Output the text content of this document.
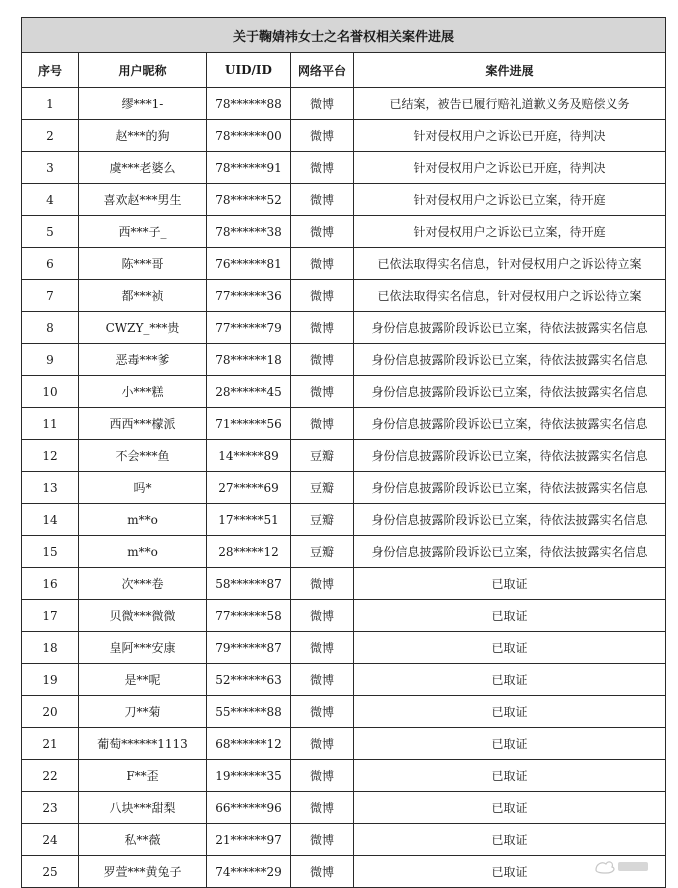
关于鞠婧祎女士之名誉权相关案件进展				
序号	用户昵称	UID/ID	网络平台	案件进展
1	缪***1-	78******88	微博	已结案，被告已履行赔礼道歉义务及赔偿义务
2	赵***的狗	78******00	微博	针对侵权用户之诉讼已开庭，待判决
3	虞***老婆么	78******91	微博	针对侵权用户之诉讼已开庭，待判决
4	喜欢赵***男生	78******52	微博	针对侵权用户之诉讼已立案，待开庭
5	西***子_	78******38	微博	针对侵权用户之诉讼已立案，待开庭
6	陈***哥	76******81	微博	已依法取得实名信息，针对侵权用户之诉讼待立案
7	都***祯	77******36	微博	已依法取得实名信息，针对侵权用户之诉讼待立案
8	CWZY_***贵	77******79	微博	身份信息披露阶段诉讼已立案，待依法披露实名信息
9	恶毒***爹	78******18	微博	身份信息披露阶段诉讼已立案，待依法披露实名信息
10	小***糕	28******45	微博	身份信息披露阶段诉讼已立案，待依法披露实名信息
11	西西***檬派	71******56	微博	身份信息披露阶段诉讼已立案，待依法披露实名信息
12	不会***鱼	14*****89	豆瓣	身份信息披露阶段诉讼已立案，待依法披露实名信息
13	吗*	27*****69	豆瓣	身份信息披露阶段诉讼已立案，待依法披露实名信息
14	m**o	17*****51	豆瓣	身份信息披露阶段诉讼已立案，待依法披露实名信息
15	m**o	28*****12	豆瓣	身份信息披露阶段诉讼已立案，待依法披露实名信息
16	次***卷	58******87	微博	已取证
17	贝微***微微	77******58	微博	已取证
18	皇阿***安康	79******87	微博	已取证
19	是**呢	52******63	微博	已取证
20	刀**菊	55******88	微博	已取证
21	葡萄******1113	68******12	微博	已取证
22	F**歪	19******35	微博	已取证
23	八块***甜梨	66******96	微博	已取证
24	私**薇	21******97	微博	已取证
25	罗萱***黄兔子	74******29	微博	已取证
